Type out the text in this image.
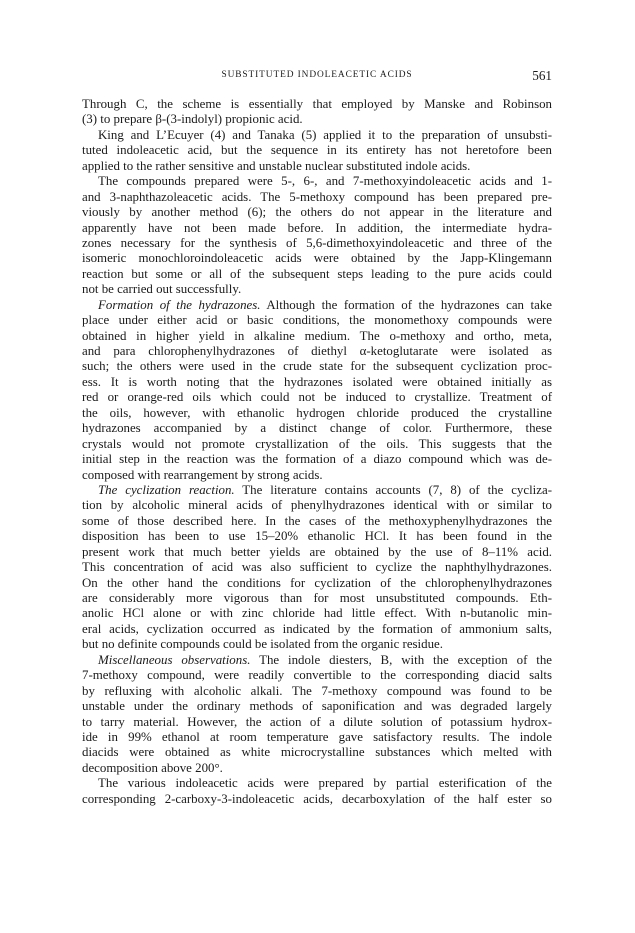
SUBSTITUTED INDOLEACETIC ACIDS	561
Through C, the scheme is essentially that employed by Manske and Robinson
(3) to prepare β-(3-indolyl) propionic acid.
King and L’Ecuyer (4) and Tanaka (5) applied it to the preparation of unsubsti-
tuted indoleacetic acid, but the sequence in its entirety has not heretofore been
applied to the rather sensitive and unstable nuclear substituted indole acids.
The compounds prepared were 5-, 6-, and 7-methoxyindoleacetic acids and 1-
and 3-naphthazoleacetic acids. The 5-methoxy compound has been prepared pre-
viously by another method (6); the others do not appear in the literature and
apparently have not been made before. In addition, the intermediate hydra-
zones necessary for the synthesis of 5,6-dimethoxyindoleacetic and three of the
isomeric monochloroindoleacetic acids were obtained by the Japp-Klingemann
reaction but some or all of the subsequent steps leading to the pure acids could
not be carried out successfully.
Formation of the hydrazones. Although the formation of the hydrazones can take
place under either acid or basic conditions, the monomethoxy compounds were
obtained in higher yield in alkaline medium. The o-methoxy and ortho, meta,
and para chlorophenylhydrazones of diethyl α-ketoglutarate were isolated as
such; the others were used in the crude state for the subsequent cyclization proc-
ess. It is worth noting that the hydrazones isolated were obtained initially as
red or orange-red oils which could not be induced to crystallize. Treatment of
the oils, however, with ethanolic hydrogen chloride produced the crystalline
hydrazones accompanied by a distinct change of color. Furthermore, these
crystals would not promote crystallization of the oils. This suggests that the
initial step in the reaction was the formation of a diazo compound which was de-
composed with rearrangement by strong acids.
The cyclization reaction. The literature contains accounts (7, 8) of the cycliza-
tion by alcoholic mineral acids of phenylhydrazones identical with or similar to
some of those described here. In the cases of the methoxyphenylhydrazones the
disposition has been to use 15–20% ethanolic HCl. It has been found in the
present work that much better yields are obtained by the use of 8–11% acid.
This concentration of acid was also sufficient to cyclize the naphthylhydrazones.
On the other hand the conditions for cyclization of the chlorophenylhydrazones
are considerably more vigorous than for most unsubstituted compounds. Eth-
anolic HCl alone or with zinc chloride had little effect. With n-butanolic min-
eral acids, cyclization occurred as indicated by the formation of ammonium salts,
but no definite compounds could be isolated from the organic residue.
Miscellaneous observations. The indole diesters, B, with the exception of the
7-methoxy compound, were readily convertible to the corresponding diacid salts
by refluxing with alcoholic alkali. The 7-methoxy compound was found to be
unstable under the ordinary methods of saponification and was degraded largely
to tarry material. However, the action of a dilute solution of potassium hydrox-
ide in 99% ethanol at room temperature gave satisfactory results. The indole
diacids were obtained as white microcrystalline substances which melted with
decomposition above 200°.
The various indoleacetic acids were prepared by partial esterification of the
corresponding 2-carboxy-3-indoleacetic acids, decarboxylation of the half ester so
